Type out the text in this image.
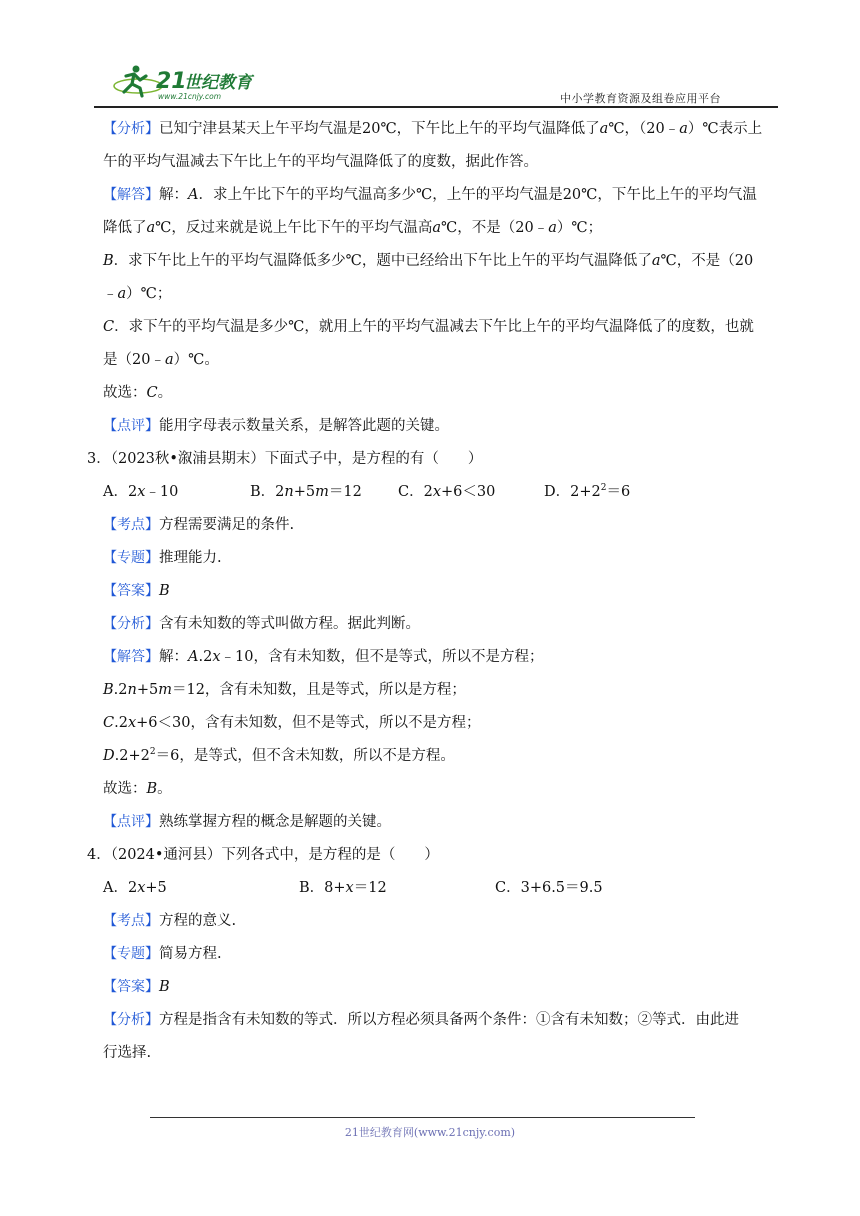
21
世纪教育
www.21cnjy.com	中小学教育资源及组卷应用平台

【分析】已知宁津县某天上午平均气温是20℃，下午比上午的平均气温降低了a℃，（20﹣a）℃表示上

午的平均气温减去下午比上午的平均气温降低了的度数，据此作答。

【解答】解：A．求上午比下午的平均气温高多少℃，上午的平均气温是20℃，下午比上午的平均气温

降低了a℃，反过来就是说上午比下午的平均气温高a℃，不是（20﹣a）℃；

B．求下午比上午的平均气温降低多少℃，题中已经给出下午比上午的平均气温降低了a℃，不是（20

﹣a）℃；

C．求下午的平均气温是多少℃，就用上午的平均气温减去下午比上午的平均气温降低了的度数，也就

是（20﹣a）℃。

故选：C。

【点评】能用字母表示数量关系，是解答此题的关键。

3．（2023秋•溆浦县期末）下面式子中，是方程的有（　　）

A．2x﹣10	B．2n+5m＝12	C．2x+6＜30	D．$2+2^2=6$

【考点】方程需要满足的条件.

【专题】推理能力.

【答案】B

【分析】含有未知数的等式叫做方程。据此判断。

【解答】解：A.2x﹣10，含有未知数，但不是等式，所以不是方程；

B.2n+5m＝12，含有未知数，且是等式，所以是方程；

C.2x+6＜30，含有未知数，但不是等式，所以不是方程；

$D.2+2^2=6$，是等式，但不含未知数，所以不是方程。

故选：B。

【点评】熟练掌握方程的概念是解题的关键。

4．（2024•通河县）下列各式中，是方程的是（　　）

A．2x+5	B．8+x＝12	C．3+6.5＝9.5

【考点】方程的意义.

【专题】简易方程.

【答案】B

【分析】方程是指含有未知数的等式．所以方程必须具备两个条件：①含有未知数；②等式．由此进

行选择.

21世纪教育网(www.21cnjy.com)
